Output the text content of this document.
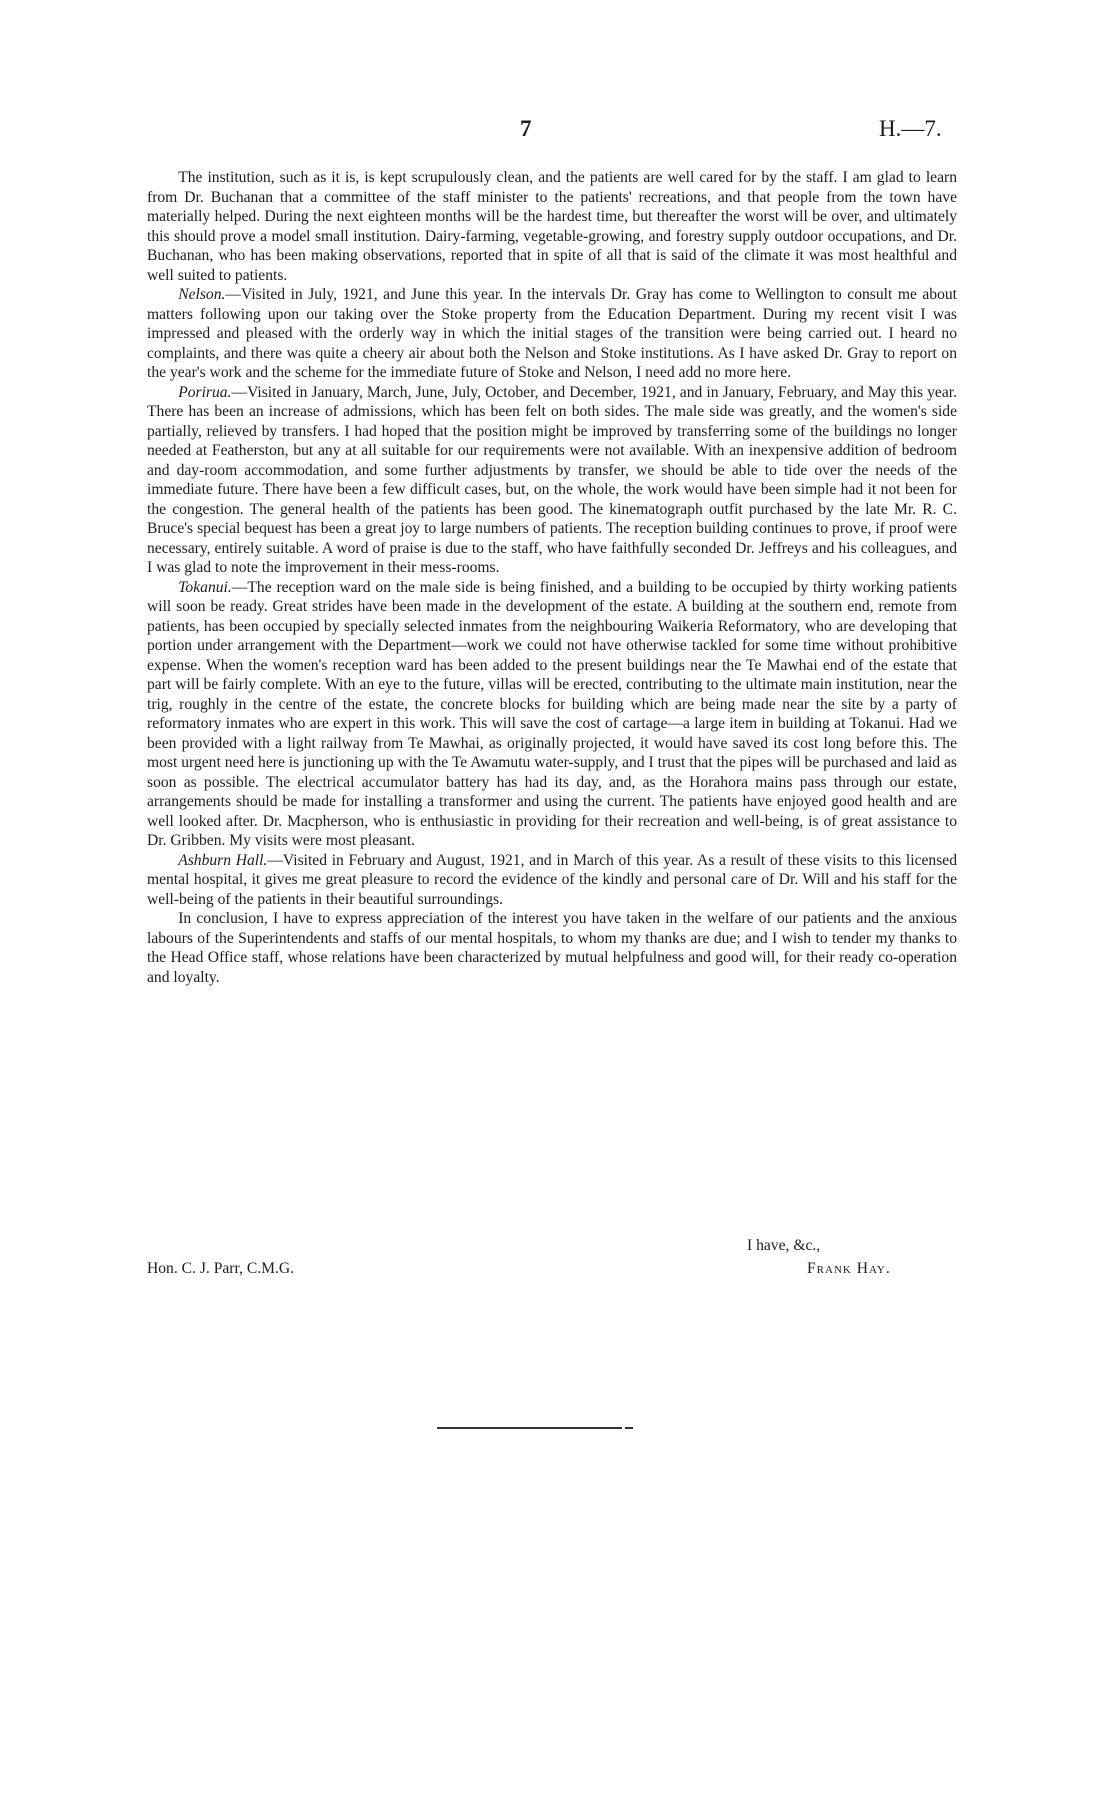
7	H.—7.

The institution, such as it is, is kept scrupulously clean, and the patients are well cared for by the staff. I am glad to learn from Dr. Buchanan that a committee of the staff minister to the patients' recreations, and that people from the town have materially helped. During the next eighteen months will be the hardest time, but thereafter the worst will be over, and ultimately this should prove a model small institution. Dairy-farming, vegetable-growing, and forestry supply outdoor occupations, and Dr. Buchanan, who has been making observations, reported that in spite of all that is said of the climate it was most healthful and well suited to patients.

Nelson.—Visited in July, 1921, and June this year. In the intervals Dr. Gray has come to Wellington to consult me about matters following upon our taking over the Stoke property from the Education Department. During my recent visit I was impressed and pleased with the orderly way in which the initial stages of the transition were being carried out. I heard no complaints, and there was quite a cheery air about both the Nelson and Stoke institutions. As I have asked Dr. Gray to report on the year's work and the scheme for the immediate future of Stoke and Nelson, I need add no more here.

Porirua.—Visited in January, March, June, July, October, and December, 1921, and in January, February, and May this year. There has been an increase of admissions, which has been felt on both sides. The male side was greatly, and the women's side partially, relieved by transfers. I had hoped that the position might be improved by transferring some of the buildings no longer needed at Featherston, but any at all suitable for our requirements were not available. With an inexpensive addition of bedroom and day-room accommodation, and some further adjustments by transfer, we should be able to tide over the needs of the immediate future. There have been a few difficult cases, but, on the whole, the work would have been simple had it not been for the congestion. The general health of the patients has been good. The kinematograph outfit purchased by the late Mr. R. C. Bruce's special bequest has been a great joy to large numbers of patients. The reception building continues to prove, if proof were necessary, entirely suitable. A word of praise is due to the staff, who have faithfully seconded Dr. Jeffreys and his colleagues, and I was glad to note the improvement in their mess-rooms.

Tokanui.—The reception ward on the male side is being finished, and a building to be occupied by thirty working patients will soon be ready. Great strides have been made in the development of the estate. A building at the southern end, remote from patients, has been occupied by specially selected inmates from the neighbouring Waikeria Reformatory, who are developing that portion under arrangement with the Department—work we could not have otherwise tackled for some time without prohibitive expense. When the women's reception ward has been added to the present buildings near the Te Mawhai end of the estate that part will be fairly complete. With an eye to the future, villas will be erected, contributing to the ultimate main institution, near the trig, roughly in the centre of the estate, the concrete blocks for building which are being made near the site by a party of reformatory inmates who are expert in this work. This will save the cost of cartage—a large item in building at Tokanui. Had we been provided with a light railway from Te Mawhai, as originally projected, it would have saved its cost long before this. The most urgent need here is junctioning up with the Te Awamutu water-supply, and I trust that the pipes will be purchased and laid as soon as possible. The electrical accumulator battery has had its day, and, as the Horahora mains pass through our estate, arrangements should be made for installing a transformer and using the current. The patients have enjoyed good health and are well looked after. Dr. Macpherson, who is enthusiastic in providing for their recreation and well-being, is of great assistance to Dr. Gribben. My visits were most pleasant.

Ashburn Hall.—Visited in February and August, 1921, and in March of this year. As a result of these visits to this licensed mental hospital, it gives me great pleasure to record the evidence of the kindly and personal care of Dr. Will and his staff for the well-being of the patients in their beautiful surroundings.

In conclusion, I have to express appreciation of the interest you have taken in the welfare of our patients and the anxious labours of the Superintendents and staffs of our mental hospitals, to whom my thanks are due; and I wish to tender my thanks to the Head Office staff, whose relations have been characterized by mutual helpfulness and good will, for their ready co-operation and loyalty.

I have, &c.,
Hon. C. J. Parr, C.M.G.	Frank Hay.
